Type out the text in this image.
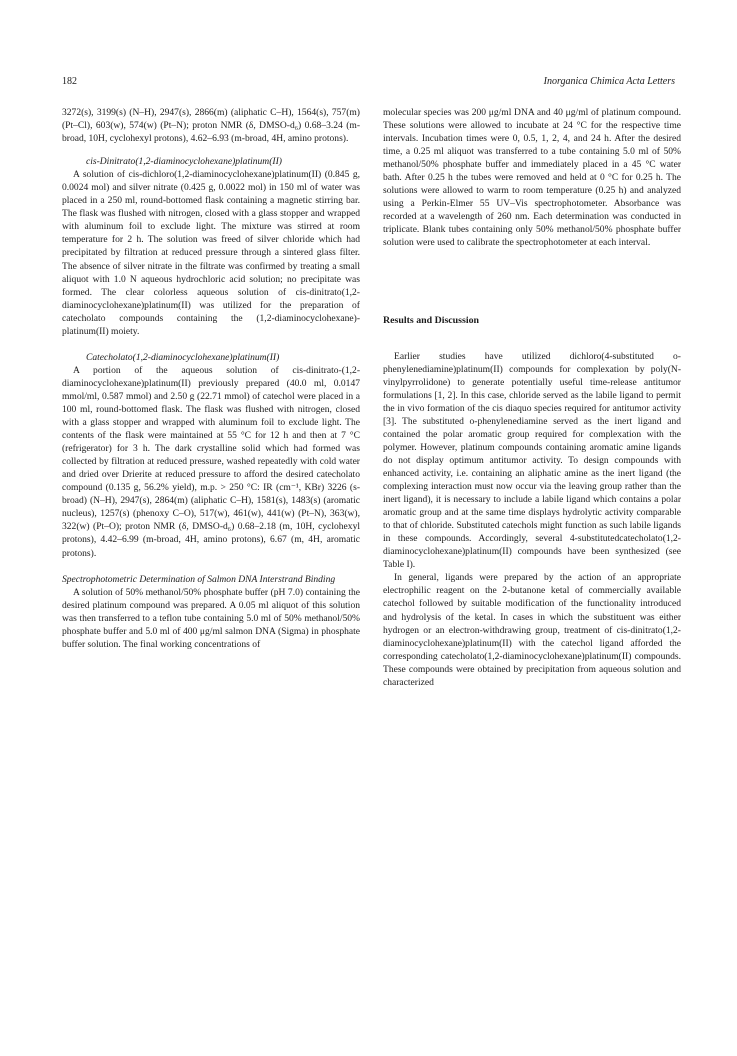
182	Inorganica Chimica Acta Letters

3272(s), 3199(s) (N–H), 2947(s), 2866(m) (aliphatic C–H), 1564(s), 757(m) (Pt–Cl), 603(w), 574(w) (Pt–N); proton NMR (δ, DMSO-d₆) 0.68–3.24 (m-broad, 10H, cyclohexyl protons), 4.62–6.93 (m-broad, 4H, amino protons).

cis-Dinitrato(1,2-diaminocyclohexane)platinum(II)

A solution of cis-dichloro(1,2-diaminocyclohexane)platinum(II) (0.845 g, 0.0024 mol) and silver nitrate (0.425 g, 0.0022 mol) in 150 ml of water was placed in a 250 ml, round-bottomed flask containing a magnetic stirring bar. The flask was flushed with nitrogen, closed with a glass stopper and wrapped with aluminum foil to exclude light. The mixture was stirred at room temperature for 2 h. The solution was freed of silver chloride which had precipitated by filtration at reduced pressure through a sintered glass filter. The absence of silver nitrate in the filtrate was confirmed by treating a small aliquot with 1.0 N aqueous hydrochloric acid solution; no precipitate was formed. The clear colorless aqueous solution of cis-dinitrato(1,2-diaminocyclohexane)platinum(II) was utilized for the preparation of catecholato compounds containing the (1,2-diaminocyclohexane)-platinum(II) moiety.

Catecholato(1,2-diaminocyclohexane)platinum(II)

A portion of the aqueous solution of cis-dinitrato-(1,2-diaminocyclohexane)platinum(II) previously prepared (40.0 ml, 0.0147 mmol/ml, 0.587 mmol) and 2.50 g (22.71 mmol) of catechol were placed in a 100 ml, round-bottomed flask. The flask was flushed with nitrogen, closed with a glass stopper and wrapped with aluminum foil to exclude light. The contents of the flask were maintained at 55 °C for 12 h and then at 7 °C (refrigerator) for 3 h. The dark crystalline solid which had formed was collected by filtration at reduced pressure, washed repeatedly with cold water and dried over Drierite at reduced pressure to afford the desired catecholato compound (0.135 g, 56.2% yield), m.p. > 250 °C: IR (cm⁻¹, KBr) 3226 (s-broad) (N–H), 2947(s), 2864(m) (aliphatic C–H), 1581(s), 1483(s) (aromatic nucleus), 1257(s) (phenoxy C–O), 517(w), 461(w), 441(w) (Pt–N), 363(w), 322(w) (Pt–O); proton NMR (δ, DMSO-d₆) 0.68–2.18 (m, 10H, cyclohexyl protons), 4.42–6.99 (m-broad, 4H, amino protons), 6.67 (m, 4H, aromatic protons).

Spectrophotometric Determination of Salmon DNA Interstrand Binding

A solution of 50% methanol/50% phosphate buffer (pH 7.0) containing the desired platinum compound was prepared. A 0.05 ml aliquot of this solution was then transferred to a teflon tube containing 5.0 ml of 50% methanol/50% phosphate buffer and 5.0 ml of 400 μg/ml salmon DNA (Sigma) in phosphate buffer solution. The final working concentrations of

molecular species was 200 μg/ml DNA and 40 μg/ml of platinum compound. These solutions were allowed to incubate at 24 °C for the respective time intervals. Incubation times were 0, 0.5, 1, 2, 4, and 24 h. After the desired time, a 0.25 ml aliquot was transferred to a tube containing 5.0 ml of 50% methanol/50% phosphate buffer and immediately placed in a 45 °C water bath. After 0.25 h the tubes were removed and held at 0 °C for 0.25 h. The solutions were allowed to warm to room temperature (0.25 h) and analyzed using a Perkin-Elmer 55 UV–Vis spectrophotometer. Absorbance was recorded at a wavelength of 260 nm. Each determination was conducted in triplicate. Blank tubes containing only 50% methanol/50% phosphate buffer solution were used to calibrate the spectrophotometer at each interval.

Results and Discussion

Earlier studies have utilized dichloro(4-substituted o-phenylenediamine)platinum(II) compounds for complexation by poly(N-vinylpyrrolidone) to generate potentially useful time-release antitumor formulations [1, 2]. In this case, chloride served as the labile ligand to permit the in vivo formation of the cis diaquo species required for antitumor activity [3]. The substituted o-phenylenediamine served as the inert ligand and contained the polar aromatic group required for complexation with the polymer. However, platinum compounds containing aromatic amine ligands do not display optimum antitumor activity. To design compounds with enhanced activity, i.e. containing an aliphatic amine as the inert ligand (the complexing interaction must now occur via the leaving group rather than the inert ligand), it is necessary to include a labile ligand which contains a polar aromatic group and at the same time displays hydrolytic activity comparable to that of chloride. Substituted catechols might function as such labile ligands in these compounds. Accordingly, several 4-substitutedcatecholato(1,2-diaminocyclohexane)platinum(II) compounds have been synthesized (see Table I).

In general, ligands were prepared by the action of an appropriate electrophilic reagent on the 2-butanone ketal of commercially available catechol followed by suitable modification of the functionality introduced and hydrolysis of the ketal. In cases in which the substituent was either hydrogen or an electron-withdrawing group, treatment of cis-dinitrato(1,2-diaminocyclohexane)platinum(II) with the catechol ligand afforded the corresponding catecholato(1,2-diaminocyclohexane)platinum(II) compounds. These compounds were obtained by precipitation from aqueous solution and characterized
